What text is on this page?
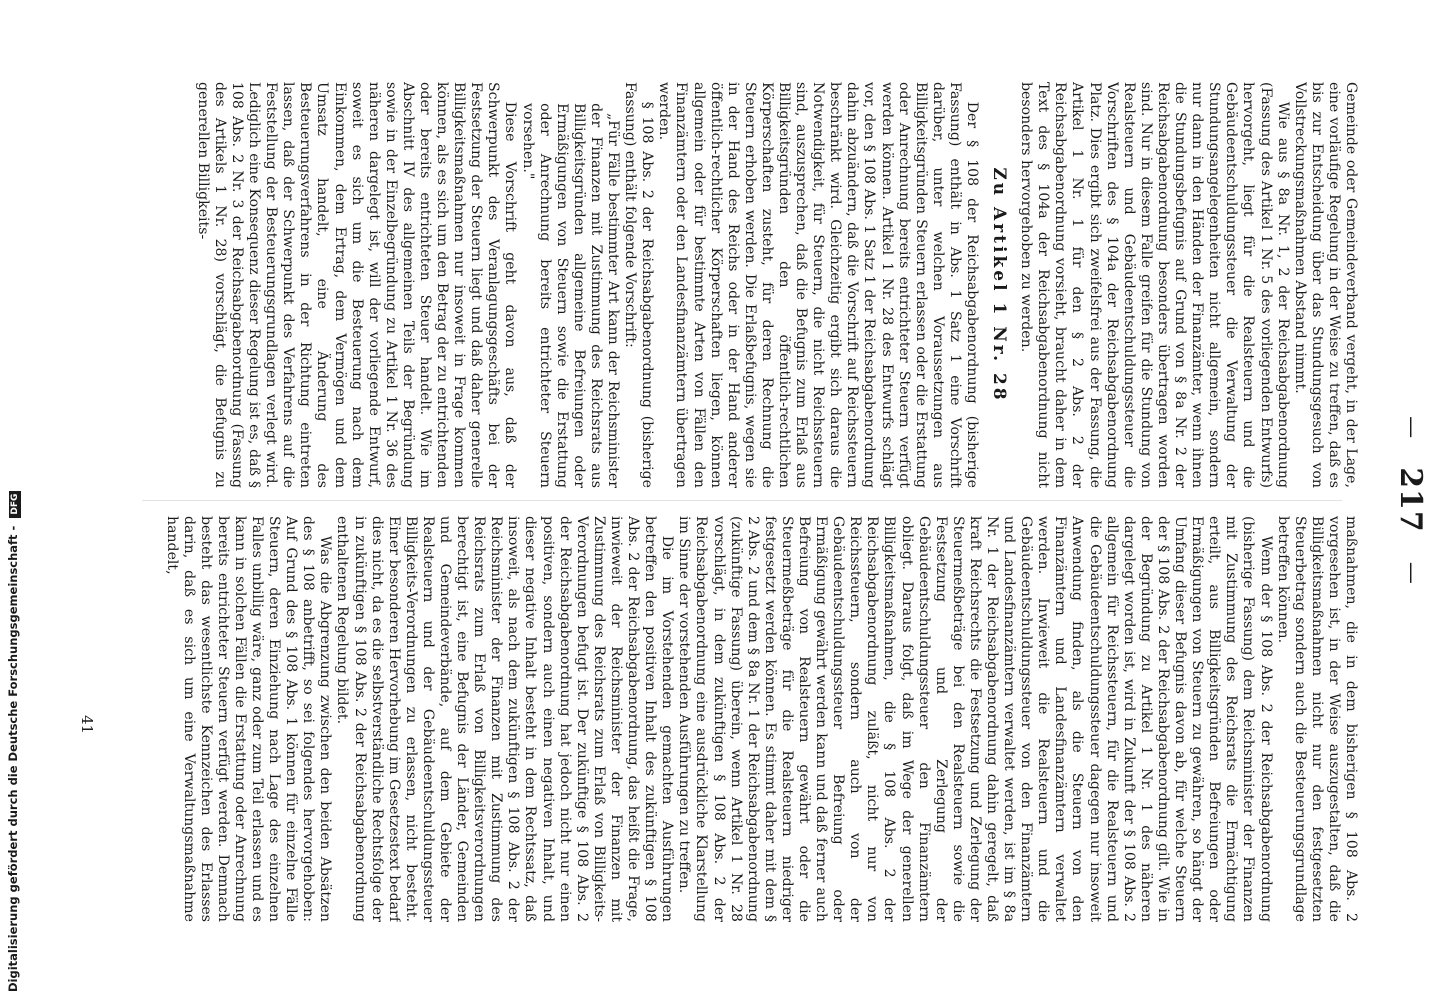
— 217 —

Gemeinde oder Gemeindeverband vergeht, in der Lage, eine vorläufige Regelung in der Weise zu treffen, daß es bis zur Entscheidung über das Stundungsgesuch von Vollstreckungsmaßnahmen Abstand nimmt.

Wie aus § 8a Nr. 1, 2 der Reichsabgabenordnung (Fassung des Artikel 1 Nr. 5 des vorliegenden Entwurfs) hervorgeht, liegt für die Realsteuern und die Gebäudeentschuldungssteuer die Verwaltung der Stundungsangelegenheiten nicht allgemein, sondern nur dann in den Händen der Finanzämter, wenn ihnen die Stundungsbefugnis auf Grund von § 8a Nr. 2 der Reichsabgabenordnung besonders übertragen worden sind. Nur in diesem Falle greifen für die Stundung von Realsteuern und Gebäudeentschuldungssteuer die Vorschriften des § 104a der Reichsabgabenordnung Platz. Dies ergibt sich zweifelsfrei aus der Fassung, die Artikel 1 Nr. 1 für den § 2 Abs. 2 der Reichsabgabenordnung vorsieht, braucht daher in dem Text des § 104a der Reichsabgabenordnung nicht besonders hervorgehoben zu werden.

Zu Artikel 1 Nr. 28

Der § 108 der Reichsabgabenordnung (bisherige Fassung) enthält in Abs. 1 Satz 1 eine Vorschrift darüber, unter welchen Voraussetzungen aus Billigkeitsgründen Steuern erlassen oder die Erstattung oder Anrechnung bereits entrichteter Steuern verfügt werden können. Artikel 1 Nr. 28 des Entwurfs schlägt vor, den § 108 Abs. 1 Satz 1 der Reichsabgabenordnung dahin abzuändern, daß die Vorschrift auf Reichssteuern beschränkt wird. Gleichzeitig ergibt sich daraus die Notwendigkeit, für Steuern, die nicht Reichssteuern sind, auszusprechen, daß die Befugnis zum Erlaß aus Billigkeitsgründen den öffentlich-rechtlichen Körperschaften zusteht, für deren Rechnung die Steuern erhoben werden. Die Erlaßbefugnis, wegen sie in der Hand des Reichs oder in der Hand anderer öffentlich-rechtlicher Körperschaften liegen, können allgemein oder für bestimmte Arten von Fällen den Finanzämtern oder den Landesfinanzämtern übertragen werden.

§ 108 Abs. 2 der Reichsabgabenordnung (bisherige Fassung) enthält folgende Vorschrift:

„Für Fälle bestimmter Art kann der Reichsminister der Finanzen mit Zustimmung des Reichsrats aus Billigkeitsgründen allgemeine Befreiungen oder Ermäßigungen von Steuern sowie die Erstattung oder Anrechnung bereits entrichteter Steuern vorsehen."

Diese Vorschrift geht davon aus, daß der Schwerpunkt des Veranlagungsgeschäfts bei der Festsetzung der Steuern liegt und daß daher generelle Billigkeitsmaßnahmen nur insoweit in Frage kommen können, als es sich um den Betrag der zu entrichtenden oder bereits entrichteten Steuer handelt. Wie im Abschnitt IV des allgemeinen Teils der Begründung sowie in der Einzelbegründung zu Artikel 1 Nr. 36 des näheren dargelegt ist, will der vorliegende Entwurf, soweit es sich um die Besteuerung nach dem Einkommen, dem Ertrag, dem Vermögen und dem Umsatz handelt, eine Änderung des Besteuerungsverfahrens in der Richtung eintreten lassen, daß der Schwerpunkt des Verfahrens auf die Feststellung der Besteuerungsgrundlagen verlegt wird. Lediglich eine Konsequenz dieser Regelung ist es, daß § 108 Abs. 2 Nr. 3 der Reichsabgabenordnung (Fassung des Artikels 1 Nr. 28) vorschlägt, die Befugnis zu generellen Billigkeits-

maßnahmen, die in dem bisherigen § 108 Abs. 2 vorgesehen ist, in der Weise auszugestalten, daß die Billigkeitsmaßnahmen nicht nur den festgesetzten Steuerbetrag sondern auch die Besteuerungsgrundlage betreffen können.

Wenn der § 108 Abs. 2 der Reichsabgabenordnung (bisherige Fassung) dem Reichsminister der Finanzen mit Zustimmung des Reichsrats die Ermächtigung erteilt, aus Billigkeitsgründen Befreiungen oder Ermäßigungen von Steuern zu gewähren, so hängt der Umfang dieser Befugnis davon ab, für welche Steuern der § 108 Abs. 2 der Reichsabgabenordnung gilt. Wie in der Begründung zu Artikel 1 Nr. 1 des näheren dargelegt worden ist, wird in Zukunft der § 108 Abs. 2 allgemein für Reichssteuern, für die Realsteuern und die Gebäudeentschuldungssteuer dagegen nur insoweit Anwendung finden, als die Steuern von den Finanzämtern und Landesfinanzämtern verwaltet werden. Inwieweit die Realsteuern und die Gebäudeentschuldungssteuer von den Finanzämtern und Landesfinanzämtern verwaltet werden, ist im § 8a Nr. 1 der Reichsabgabenordnung dahin geregelt, daß kraft Reichsrechts die Festsetzung und Zerlegung der Steuermeßbeträge bei den Realsteuern sowie die Festsetzung und Zerlegung der Gebäudeentschuldungssteuer den Finanzämtern obliegt. Daraus folgt, daß im Wege der generellen Billigkeitsmaßnahmen, die § 108 Abs. 2 der Reichsabgabenordnung zuläßt, nicht nur von Reichssteuern, sondern auch von der Gebäudeentschuldungssteuer Befreiung oder Ermäßigung gewährt werden kann und daß ferner auch Befreiung von Realsteuern gewährt oder die Steuermeßbeträge für die Realsteuern niedriger festgesetzt werden können. Es stimmt daher mit dem § 2 Abs. 2 und dem § 8a Nr. 1 der Reichsabgabenordnung (zukünftige Fassung) überein, wenn Artikel 1 Nr. 28 vorschlägt, in dem zukünftigen § 108 Abs. 2 der Reichsabgabenordnung eine ausdrückliche Klarstellung im Sinne der vorstehenden Ausführungen zu treffen.

Die im Vorstehenden gemachten Ausführungen betreffen den positiven Inhalt des zukünftigen § 108 Abs. 2 der Reichsabgabenordnung, das heißt die Frage, inwieweit der Reichsminister der Finanzen mit Zustimmung des Reichsrats zum Erlaß von Billigkeits-Verordnungen befugt ist. Der zukünftige § 108 Abs. 2 der Reichsabgabenordnung hat jedoch nicht nur einen positiven, sondern auch einen negativen Inhalt, und dieser negative Inhalt besteht in dem Rechtssatz, daß insoweit, als nach dem zukünftigen § 108 Abs. 2 der Reichsminister der Finanzen mit Zustimmung des Reichsrats zum Erlaß von Billigkeitsverordnungen berechtigt ist, eine Befugnis der Länder, Gemeinden und Gemeindeverbände, auf dem Gebiete der Realsteuern und der Gebäudeentschuldungssteuer Billigkeits-Verordnungen zu erlassen, nicht besteht. Einer besonderen Hervorhebung im Gesetzestext bedarf dies nicht, da es die selbstverständliche Rechtsfolge der in zukünftigen § 108 Abs. 2 der Reichsabgabenordnung enthaltenen Regelung bildet.

Was die Abgrenzung zwischen den beiden Absätzen des § 108 anbetrifft, so sei folgendes hervorgehoben: Auf Grund des § 108 Abs. 1 können für einzelne Fälle Steuern, deren Einziehung nach Lage des einzelnen Falles unbillig wäre, ganz oder zum Teil erlassen und es kann in solchen Fällen die Erstattung oder Anrechnung bereits entrichteter Steuern verfügt werden. Demnach besteht das wesentlichste Kennzeichen des Erlasses darin, daß es sich um eine Verwaltungsmaßnahme handelt,

41
Digitalisierung gefördert durch die Deutsche Forschungsgemeinschaft - DFG
